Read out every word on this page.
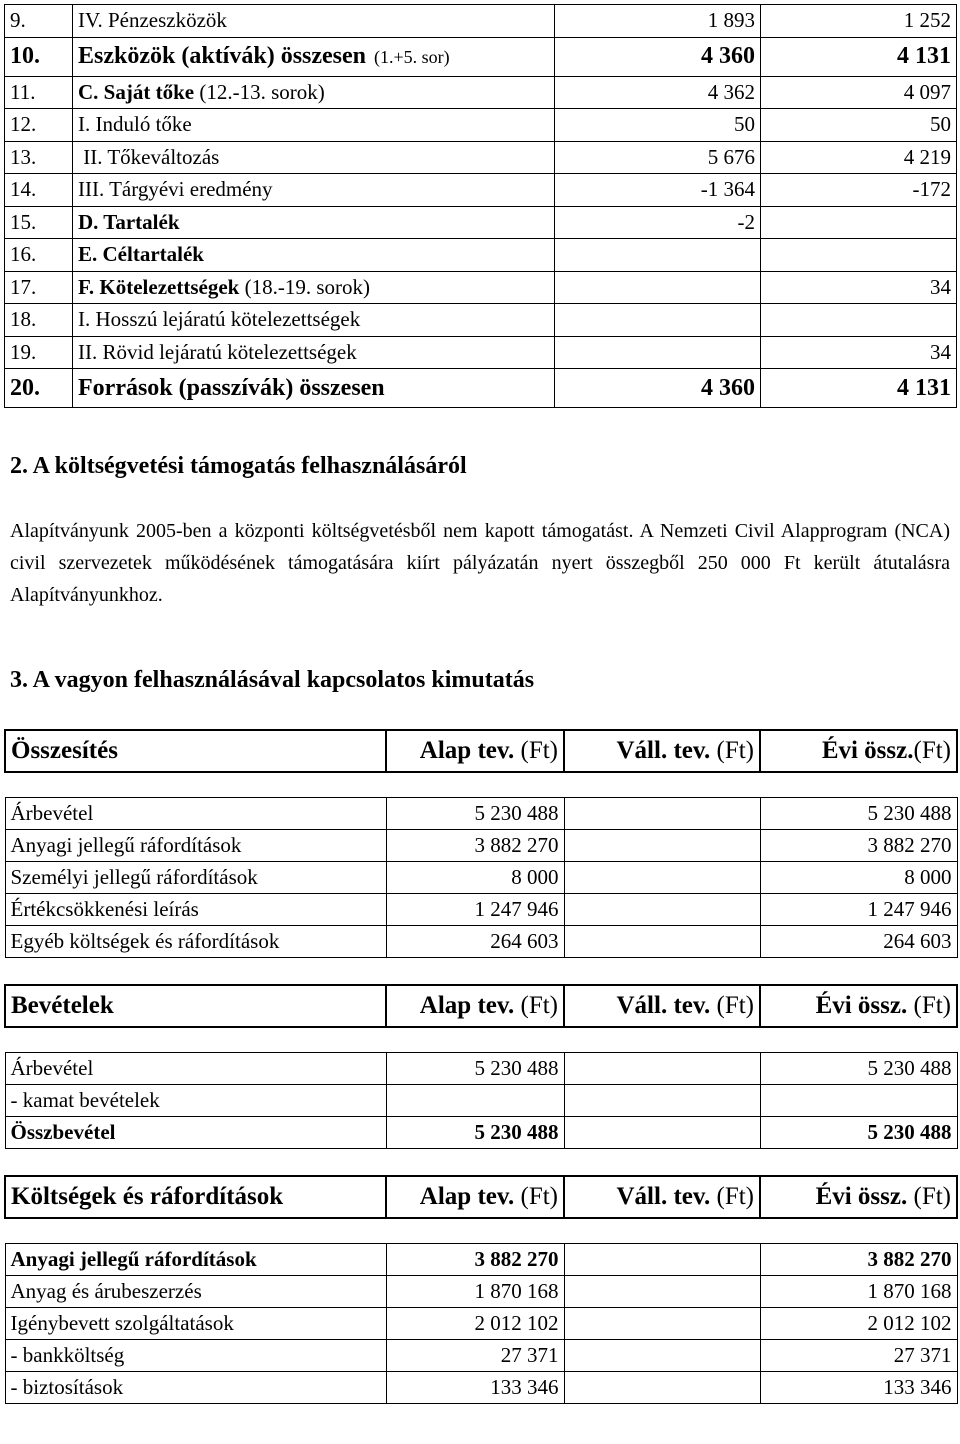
9.	IV. Pénzeszközök	1 893	1 252
10.	Eszközök (aktívák) összesen (1.+5. sor)	4 360	4 131
11.	C. Saját tőke (12.-13. sorok)	4 362	4 097
12.	I. Induló tőke	50	50
13.	II. Tőkeváltozás	5 676	4 219
14.	III. Tárgyévi eredmény	-1 364	-172
15.	D. Tartalék	-2	
16.	E. Céltartalék		
17.	F. Kötelezettségek (18.-19. sorok)		34
18.	I. Hosszú lejáratú kötelezettségek		
19.	II. Rövid lejáratú kötelezettségek		34
20.	Források (passzívák) összesen	4 360	4 131
2. A költségvetési támogatás felhasználásáról

Alapítványunk 2005-ben a központi költségvetésből nem kapott támogatást. A Nemzeti Civil Alapprogram (NCA) civil szervezetek működésének támogatására kiírt pályázatán nyert összegből 250 000 Ft került átutalásra Alapítványunkhoz.

3. A vagyon felhasználásával kapcsolatos kimutatás
Összesítés	Alap tev. (Ft)	Váll. tev. (Ft)	Évi össz.(Ft)

Árbevétel	5 230 488		5 230 488
Anyagi jellegű ráfordítások	3 882 270		3 882 270
Személyi jellegű ráfordítások	8 000		8 000
Értékcsökkenési leírás	1 247 946		1 247 946
Egyéb költségek és ráfordítások	264 603		264 603

Bevételek	Alap tev. (Ft)	Váll. tev. (Ft)	Évi össz. (Ft)

Árbevétel	5 230 488		5 230 488
- kamat bevételek			
Összbevétel	5 230 488		5 230 488

Költségek és ráfordítások	Alap tev. (Ft)	Váll. tev. (Ft)	Évi össz. (Ft)

Anyagi jellegű ráfordítások	3 882 270		3 882 270
Anyag és árubeszerzés	1 870 168		1 870 168
Igénybevett szolgáltatások	2 012 102		2 012 102
- bankköltség	27 371		27 371
- biztosítások	133 346		133 346
